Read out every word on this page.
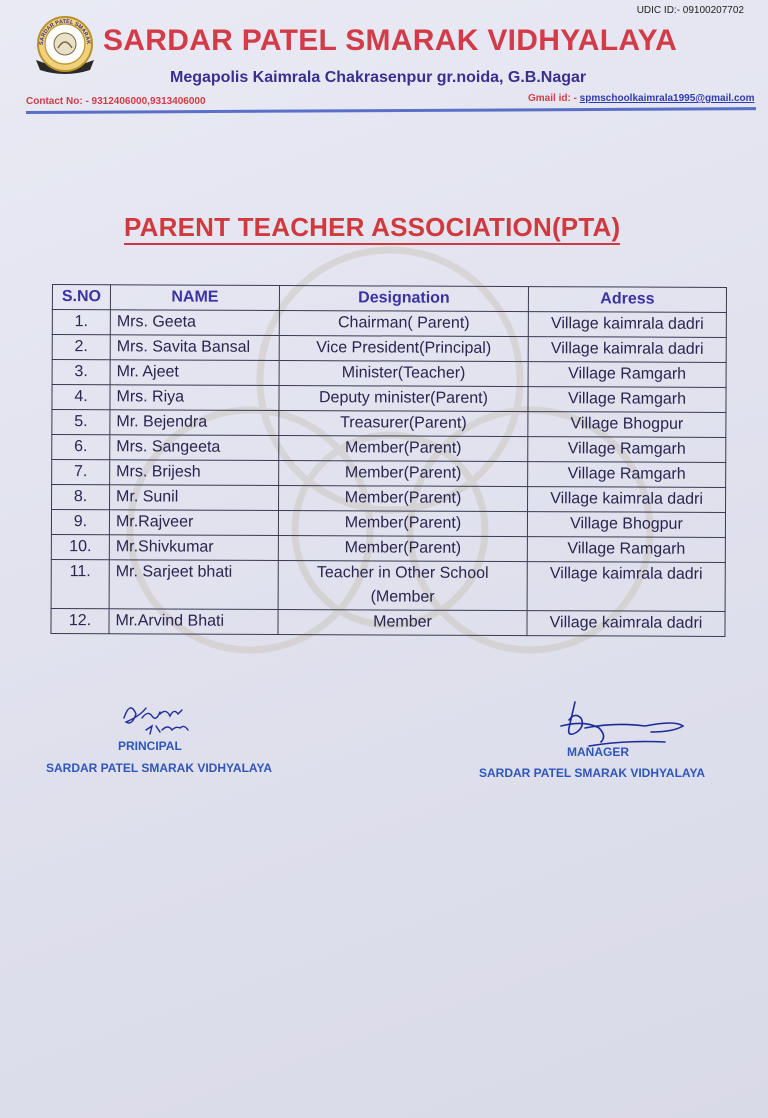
UDIC ID:- 09100207702
SARDAR PATEL SMARAK SARDAR PATEL SMARAK VIDHYALAYA
Megapolis Kaimrala Chakrasenpur gr.noida, G.B.Nagar
Contact No: - 9312406000,9313406000	Gmail id: - spmschoolkaimrala1995@gmail.com
PARENT TEACHER ASSOCIATION(PTA)
S.NO	NAME	Designation	Adress
1.	Mrs. Geeta	Chairman( Parent)	Village kaimrala dadri
2.	Mrs. Savita Bansal	Vice President(Principal)	Village kaimrala dadri
3.	Mr. Ajeet	Minister(Teacher)	Village Ramgarh
4.	Mrs. Riya	Deputy minister(Parent)	Village Ramgarh
5.	Mr. Bejendra	Treasurer(Parent)	Village Bhogpur
6.	Mrs. Sangeeta	Member(Parent)	Village Ramgarh
7.	Mrs. Brijesh	Member(Parent)	Village Ramgarh
8.	Mr. Sunil	Member(Parent)	Village kaimrala dadri
9.	Mr.Rajveer	Member(Parent)	Village Bhogpur
10.	Mr.Shivkumar	Member(Parent)	Village Ramgarh
11.	Mr. Sarjeet bhati	Teacher in Other School (Member	Village kaimrala dadri
12.	Mr.Arvind Bhati	Member	Village kaimrala dadri
PRINCIPAL
SARDAR PATEL SMARAK VIDHYALAYA
MANAGER
SARDAR PATEL SMARAK VIDHYALAYA
